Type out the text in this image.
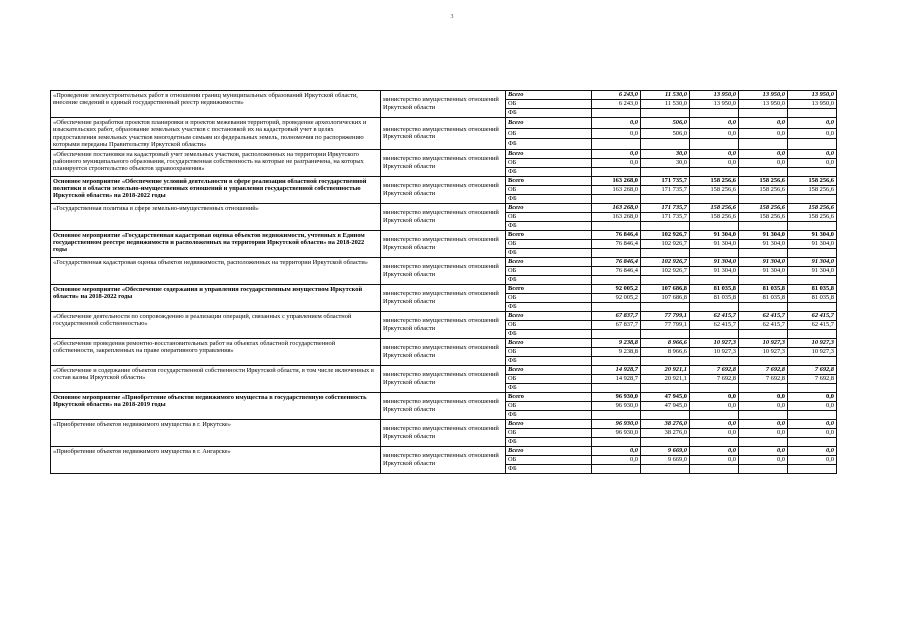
3
«Проведение землеустроительных работ в отношении границ муниципальных образований Иркутской области, внесение сведений в единый государственный реестр недвижимости»	министерство имущественных отношений Иркутской области	Всего	6 243,0	11 530,0	13 950,0	13 950,0	13 950,0
		ОБ	6 243,0	11 530,0	13 950,0	13 950,0	13 950,0
		ФБ					
«Обеспечение разработки проектов планировки и проектов межевания территорий, проведение археологических и изыскательских работ, образование земельных участков с постановкой их на кадастровый учет в целях предоставления земельных участков многодетным семьям из федеральных земель, полномочия по распоряжению которыми переданы Правительству Иркутской области»	министерство имущественных отношений Иркутской области	Всего	0,0	506,0	0,0	0,0	0,0
		ОБ	0,0	506,0	0,0	0,0	0,0
		ФБ					
«Обеспечение постановки на кадастровый учет земельных участков, расположенных на территории Иркутского районного муниципального образования, государственная собственность на которые не разграничена, на которых планируется строительство объектов здравоохранения»	министерство имущественных отношений Иркутской области	Всего	0,0	30,0	0,0	0,0	0,0
		ОБ	0,0	30,0	0,0	0,0	0,0
		ФБ					
Основное мероприятие «Обеспечение условий деятельности в сфере реализации областной государственной политики в области земельно-имущественных отношений и управления государственной собственностью Иркутской области» на 2018-2022 годы	министерство имущественных отношений Иркутской области	Всего	163 268,0	171 735,7	158 256,6	158 256,6	158 256,6
		ОБ	163 268,0	171 735,7	158 256,6	158 256,6	158 256,6
		ФБ					
«Государственная политика в сфере земельно-имущественных отношений»	министерство имущественных отношений Иркутской области	Всего	163 268,0	171 735,7	158 256,6	158 256,6	158 256,6
		ОБ	163 268,0	171 735,7	158 256,6	158 256,6	158 256,6
		ФБ					
Основное мероприятие «Государственная кадастровая оценка объектов недвижимости, учтенных в Едином государственном реестре недвижимости и расположенных на территории Иркутской области» на 2018-2022 годы	министерство имущественных отношений Иркутской области	Всего	76 846,4	102 926,7	91 304,0	91 304,0	91 304,0
		ОБ	76 846,4	102 926,7	91 304,0	91 304,0	91 304,0
		ФБ					
«Государственная кадастровая оценка объектов недвижимости, расположенных на территории Иркутской области»	министерство имущественных отношений Иркутской области	Всего	76 846,4	102 926,7	91 304,0	91 304,0	91 304,0
		ОБ	76 846,4	102 926,7	91 304,0	91 304,0	91 304,0
		ФБ					
Основное мероприятие «Обеспечение содержания и управления государственным имуществом Иркутской области» на 2018-2022 годы	министерство имущественных отношений Иркутской области	Всего	92 005,2	107 686,8	81 035,8	81 035,8	81 035,8
		ОБ	92 005,2	107 686,8	81 035,8	81 035,8	81 035,8
		ФБ					
«Обеспечение деятельности по сопровождению и реализации операций, связанных с управлением областной государственной собственностью»	министерство имущественных отношений Иркутской области	Всего	67 837,7	77 799,1	62 415,7	62 415,7	62 415,7
		ОБ	67 837,7	77 799,1	62 415,7	62 415,7	62 415,7
		ФБ					
«Обеспечение проведения ремонтно-восстановительных работ на объектах областной государственной собственности, закрепленных на праве оперативного управления»	министерство имущественных отношений Иркутской области	Всего	9 238,8	8 966,6	10 927,3	10 927,3	10 927,3
		ОБ	9 238,8	8 966,6	10 927,3	10 927,3	10 927,3
		ФБ					
«Обеспечение и содержание объектов государственной собственности Иркутской области, в том числе включенных в состав казны Иркутской области»	министерство имущественных отношений Иркутской области	Всего	14 928,7	20 921,1	7 692,8	7 692,8	7 692,8
		ОБ	14 928,7	20 921,1	7 692,8	7 692,8	7 692,8
		ФБ					
Основное мероприятие «Приобретение объектов недвижимого имущества в государственную собственность Иркутской области» на 2018-2019 годы	министерство имущественных отношений Иркутской области	Всего	96 930,0	47 945,0	0,0	0,0	0,0
		ОБ	96 930,0	47 945,0	0,0	0,0	0,0
		ФБ					
«Приобретение объектов недвижимого имущества в г. Иркутске»	министерство имущественных отношений Иркутской области	Всего	96 930,0	38 276,0	0,0	0,0	0,0
		ОБ	96 930,0	38 276,0	0,0	0,0	0,0
		ФБ					
«Приобретение объектов недвижимого имущества в г. Ангарске»	министерство имущественных отношений Иркутской области	Всего	0,0	9 669,0	0,0	0,0	0,0
		ОБ	0,0	9 669,0	0,0	0,0	0,0
		ФБ					
